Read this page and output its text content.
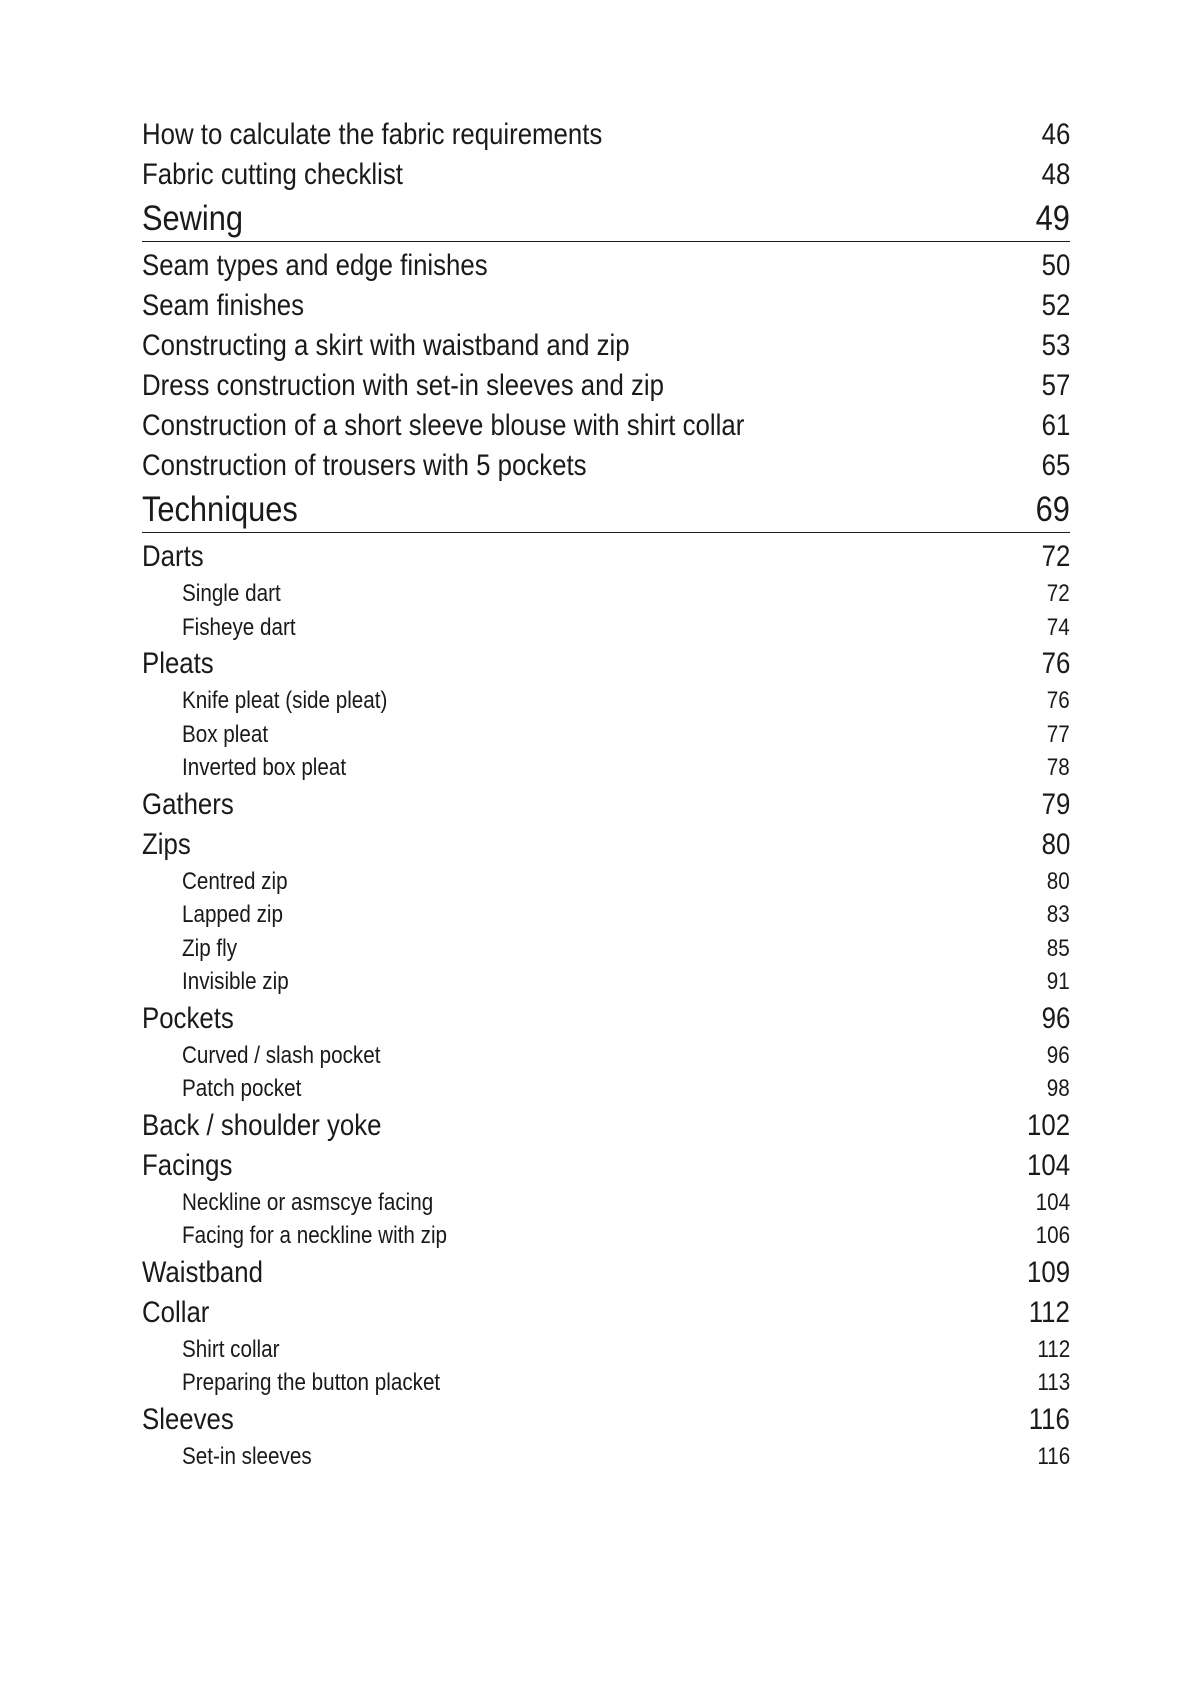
How to calculate the fabric requirements	46
Fabric cutting checklist	48
Sewing	49
Seam types and edge finishes	50
Seam finishes	52
Constructing a skirt with waistband and zip	53
Dress construction with set-in sleeves and zip	57
Construction of a short sleeve blouse with shirt collar	61
Construction of trousers with 5 pockets	65
Techniques	69
Darts	72
Single dart	72
Fisheye dart	74
Pleats	76
Knife pleat (side pleat)	76
Box pleat	77
Inverted box pleat	78
Gathers	79
Zips	80
Centred zip	80
Lapped zip	83
Zip fly	85
Invisible zip	91
Pockets	96
Curved / slash pocket	96
Patch pocket	98
Back / shoulder yoke	102
Facings	104
Neckline or asmscye facing	104
Facing for a neckline with zip	106
Waistband	109
Collar	112
Shirt collar	112
Preparing the button placket	113
Sleeves	116
Set-in sleeves	116
